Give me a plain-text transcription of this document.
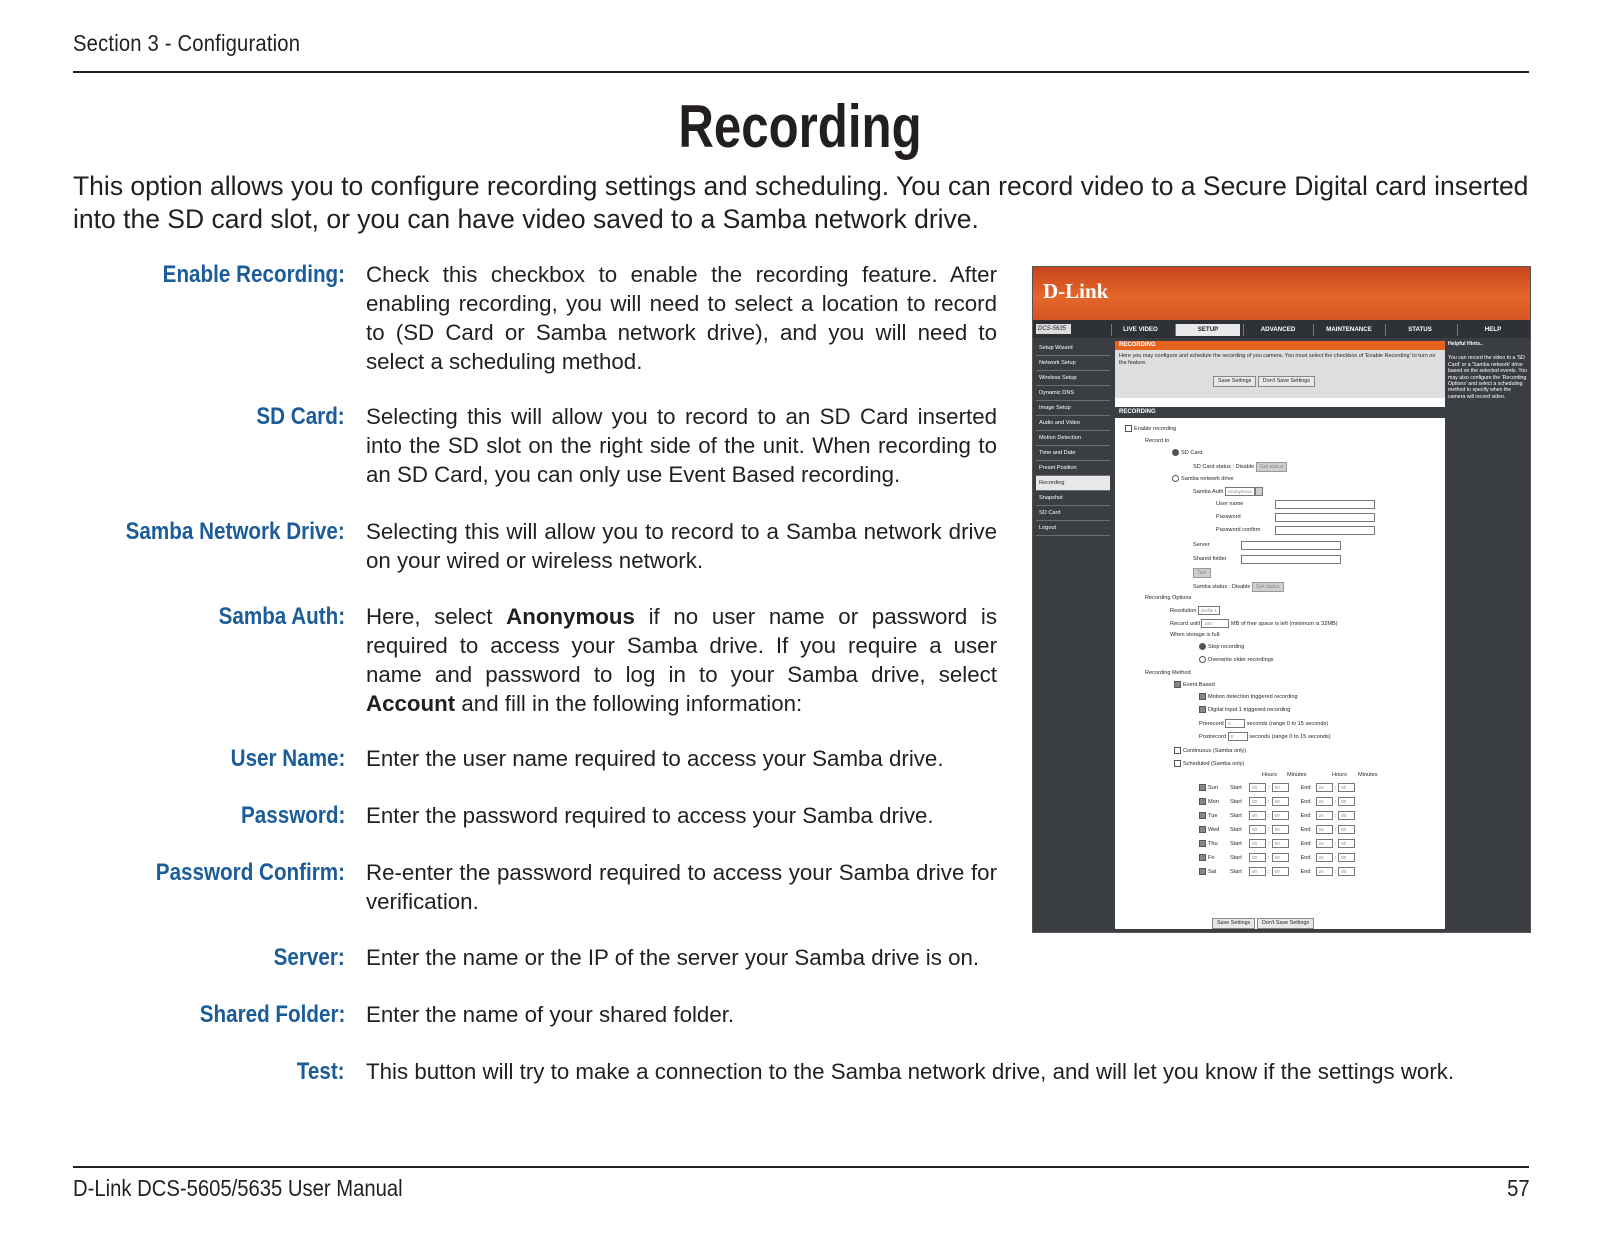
Section 3 - Configuration
Recording
This option allows you to configure recording settings and scheduling. You can record video to a Secure Digital card inserted into the SD card slot, or you can have video saved to a Samba network drive.
Enable Recording: Check this checkbox to enable the recording feature. After enabling recording, you will need to select a location to record to (SD Card or Samba network drive), and you will need to select a scheduling method.
SD Card: Selecting this will allow you to record to an SD Card inserted into the SD slot on the right side of the unit. When recording to an SD Card, you can only use Event Based recording.
Samba Network Drive: Selecting this will allow you to record to a Samba network drive on your wired or wireless network.
Samba Auth: Here, select Anonymous if no user name or password is required to access your Samba drive. If you require a user name and password to log in to your Samba drive, select Account and fill in the following information:
User Name: Enter the user name required to access your Samba drive.
Password: Enter the password required to access your Samba drive.
Password Confirm: Re-enter the password required to access your Samba drive for verification.
Server: Enter the name or the IP of the server your Samba drive is on.
Shared Folder: Enter the name of your shared folder.
Test: This button will try to make a connection to the Samba network drive, and will let you know if the settings work.
D-Link
DCS-5635	LIVE VIDEO	SETUP	ADVANCED	MAINTENANCE	STATUS	HELP
Setup Wizard
Network Setup
Wireless Setup
Dynamic DNS
Image Setup
Audio and Video
Motion Detection
Time and Date
Preset Position
Recording
Snapshot
SD Card
Logout
RECORDING
Here you may configure and schedule the recording of you camera. You must select the checkbox of 'Enable Recording' to turn on the feature.
Save Settings Don't Save Settings
RECORDING
Enable recording
Record to
SD Card
SD Card status : Disable Get status
Samba network drive
Samba Auth Anonymous
User name
Password
Password confirm
Server
Shared folder
Test
Samba status : Disable Get status
Recording Options
Resolution profile 1
Record until 100	MB of free space is left (minimum is 32MB)
When storage is full:
Stop recording
Overwrite older recordings
Recording Method
Event Based
Motion detection triggered recording
Digital input 1 triggered recording
Prerecord 0	seconds (range 0 to 15 seconds)
Postrecord 0	seconds (range 0 to 15 seconds)
Continuous (Samba only)
Scheduled (Samba only)
Hours Minutes	Hours Minutes
Sun Start 00 : 00	End 24 : 00
Mon Start 00 : 00	End 24 : 00
Tue Start 00 : 00	End 24 : 00
Wed Start 00 : 00	End 24 : 00
Thu Start 00 : 00	End 24 : 00
Fri	Start 00 : 00	End 24 : 00
Sat Start 00 : 00	End 24 : 00
Save Settings Don't Save Settings
Helpful Hints..
You can record the video to a 'SD Card' or a 'Samba network' drive based on the selected events. You may also configure the 'Recording Options' and select a scheduling method to specify when the camera will record video.
D-Link DCS-5605/5635 User Manual	57
